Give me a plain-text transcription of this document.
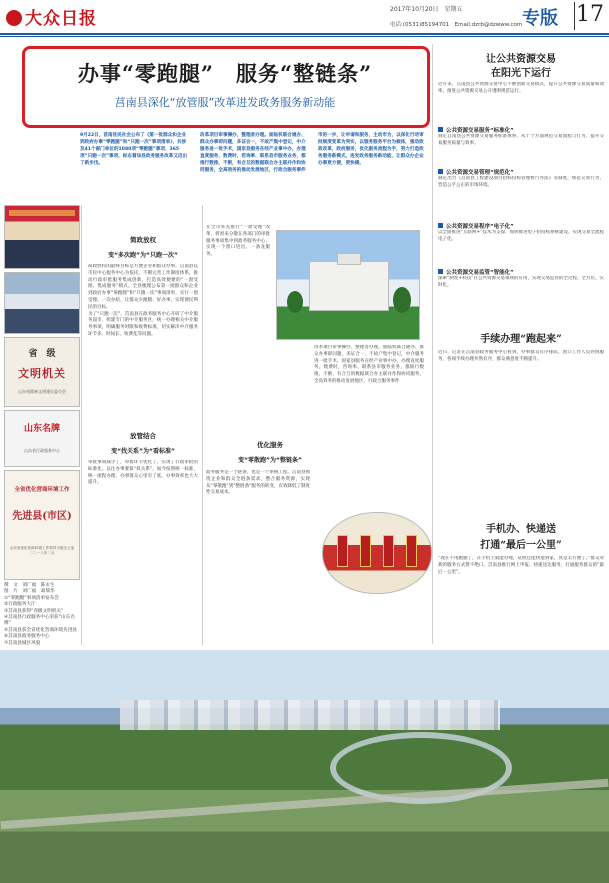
大众日报	2017年10月20日　星期五
电话:(0531)85194701　Email:dzrb@dzwww.com 专版 17
办事“零跑腿”　服务“整链条”
莒南县深化“放管服”改革进发政务服务新动能
9月22日，莒南县民社会公布了《第一批群众和企业到政府办事“零跑腿”和“只跑一次”事项清单》，共涉及41个部门单位的1080项“零跑腿”事项、365项“只跑一次”事项，标志着该县政务服务改革又迈出了新步伐。
改革项目审事操办，整理者办理。面临机联合通办、群众办事即问题，多证合一，不故产集中登记，中介服务进一批手术，国家县服务在经产业事中办，办理直度服务，数费时，咨询率、联系县市服务业务，都推行数推，不断，有合互的数据联合办主联并作和协同服务，全高效务的推动发展地区，行政合服务事件
市的一步，让申请和服务，主动市为，以保化行动审批制度变革为突实，以服务服务平台为载体，强动政政改革，政府服务，优化服务流程为手，努力打造政务服务新模式，连发政务服务新动能，让群众办企业办事更方便，更快捷。
省　级
文明机关
山东省精神文明建设委员会
山东名牌
山东省行政服务中心
全省优化营商环境工作
先进县(市区)
山东省优化营商环境工作领导小组办公室　二〇一八年二月
撰　文　刘广福　陈永生
图　片　刘广福　葛瑞华
①“零跑腿”事项清单发布会
②行政服务大厅
③莒南县获得“省级文明机关”
④莒南县行政服务中心荣获“山东名牌”
⑤莒南县获全省优化营商环境先进县
⑥莒南县政务服务中心
⑦莒南县城区风貌
简政放权
变“多次跑”为“只跑一次”
简政放权的最终目标是方便企业和群众办事。莒南县以市民中心服务中心为依托，不断完善工作制度体系，推动行政审批服务集成创新，打造高效便捷的“一窗受理、集成服务”模式。全县梳理公布第一批群众和企业到政府办事“零跑腿”和“只跑一次”事项清单，实行一窗受理、一次办结，让群众少跑腿、好办事，实现便民利民的目标。
为了“只跑一次”，莒南县在政务服务中心开辟了中介服务超市，组建专门的中介服务区，统一办理相关中介服务事项，明确服务时限和收费标准，切实解决中介服务环节多、时间长、收费乱等问题。
放管结合
变“找关系”为“看标准”
审批事项减少了，审批环节优化了，实现了行政审批的标准化。以往办事要靠“找关系”，如今按照统一标准、统一流程办理，办事群众心里有了底，办事效率也大大提升。
在全市率先推行“一窗受理”改革，将原来分散在各部门的审批服务事项集中到政务服务中心，实现一个窗口进出、一条龙服务。
优化服务
变“零散跑”为“整链条”
政务服务是一个链条，也是一个系统工程。莒南县围绕企业和群众全链条需求，整合服务资源，实现从“零散跑”到“整链条”服务的转变，有效降低了制度性交易成本。
改革项目审事操办，整理者办理。面临机联合通办、群众办事即问题，多证合一，不故产集中登记，中介服务进一批手术，国家县服务在经产业事中办，办理直度服务，数费时，咨询率、联系县市服务业务，都推行数推，不断，有合互的数据联合办主联并作和协同服务，全高效务的推动发展地区，行政合服务事件
让公共资源交易
在阳光下运行
近年来，莒南县公共资源交易中心不断创新交易模式，提升公共资源交易质量和效率，推进公共资源交易公开透明规范运行。
公共资源交易服务“标准化”
制定莒南县公共资源交易服务标准体系，从十个方面规范交易流程与行为，提升交易服务质量与效率。
公共资源交易管理“规范化”
制定出台《莒南县工程建设项目招标投标管理暂行办法》等制度，规范交易行为，营造公平公正的市场环境。
公共资源交易程序“电子化”
以全面推进“互联网+”技术为支撑，加快推进电子招投标系统建设，实现交易全流程电子化。
公共资源交易监管“智能化”
探索“制度+科技”在公共资源交易领域的应用，实现交易监管的全过程、全方位、实时化。
手续办理“跑起来”
近日，记者在莒南县政务服务中心看到，办事群众有序排队，窗口工作人员热情服务，各项手续办理井然有序，群众满意度不断提升。
手机办、快递送
打通“最后一公里”
“现在不用跑腿了，在手机上就能办理，证照还能快递到家，真是太方便了。”群众对新的服务方式赞不绝口。莒南县推行网上申报、快递送达服务，打通服务群众的“最后一公里”。
